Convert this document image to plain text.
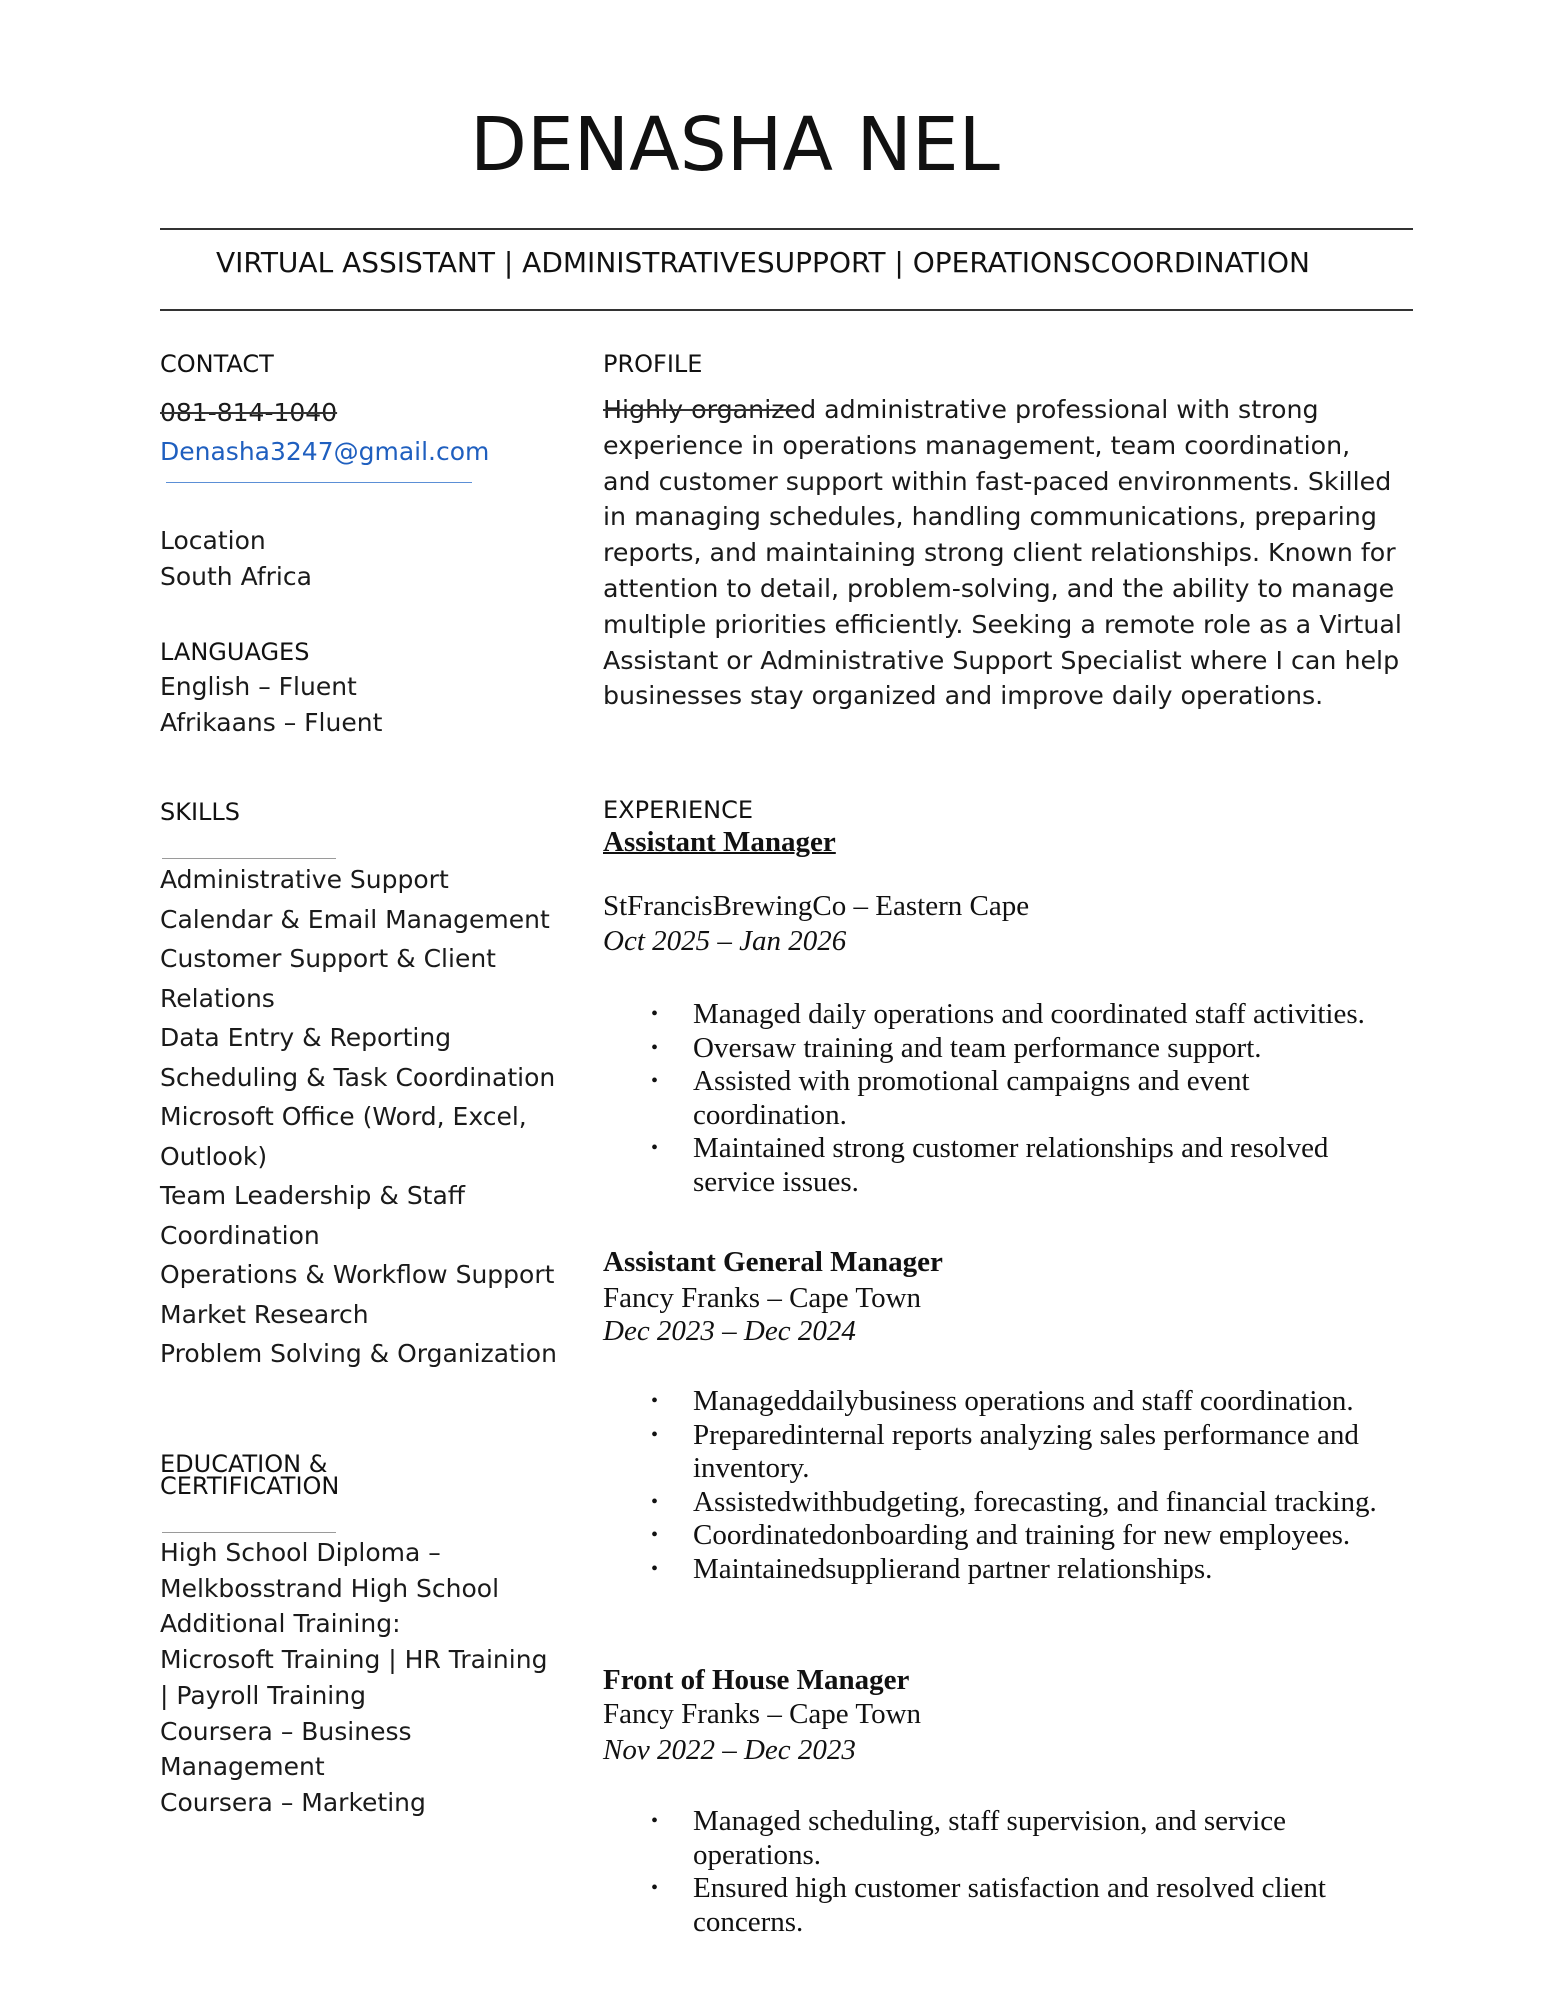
DENASHA NEL
VIRTUAL ASSISTANT | ADMINISTRATIVESUPPORT | OPERATIONSCOORDINATION
CONTACT
081-814-1040
Denasha3247@gmail.com
Location
South Africa
LANGUAGES
English – Fluent
Afrikaans – Fluent
SKILLS
Administrative Support
Calendar & Email Management
Customer Support & Client
Relations
Data Entry & Reporting
Scheduling & Task Coordination
Microsoft Office (Word, Excel,
Outlook)
Team Leadership & Staff
Coordination
Operations & Workflow Support
Market Research
Problem Solving & Organization
EDUCATION &
CERTIFICATION
High School Diploma –
Melkbosstrand High School
Additional Training:
Microsoft Training | HR Training
| Payroll Training
Coursera – Business
Management
Coursera – Marketing
PROFILE

Highly organized administrative professional with strong experience in operations management, team coordination, and customer support within fast-paced environments. Skilled in managing schedules, handling communications, preparing reports, and maintaining strong client relationships. Known for attention to detail, problem-solving, and the ability to manage multiple priorities efficiently. Seeking a remote role as a Virtual Assistant or Administrative Support Specialist where I can help businesses stay organized and improve daily operations.

EXPERIENCE
Assistant Manager
StFrancisBrewingCo – Eastern Cape
Oct 2025 – Jan 2026
• Managed daily operations and coordinated staff activities.
• Oversaw training and team performance support.
• Assisted with promotional campaigns and event coordination.
• Maintained strong customer relationships and resolved service issues.
Assistant General Manager
Fancy Franks – Cape Town
Dec 2023 – Dec 2024
• Manageddailybusiness operations and staff coordination.
• Preparedinternal reports analyzing sales performance and inventory.
• Assistedwithbudgeting, forecasting, and financial tracking.
• Coordinatedonboarding and training for new employees.
• Maintainedsupplierand partner relationships.
Front of House Manager
Fancy Franks – Cape Town
Nov 2022 – Dec 2023
• Managed scheduling, staff supervision, and service operations.
• Ensured high customer satisfaction and resolved client concerns.
